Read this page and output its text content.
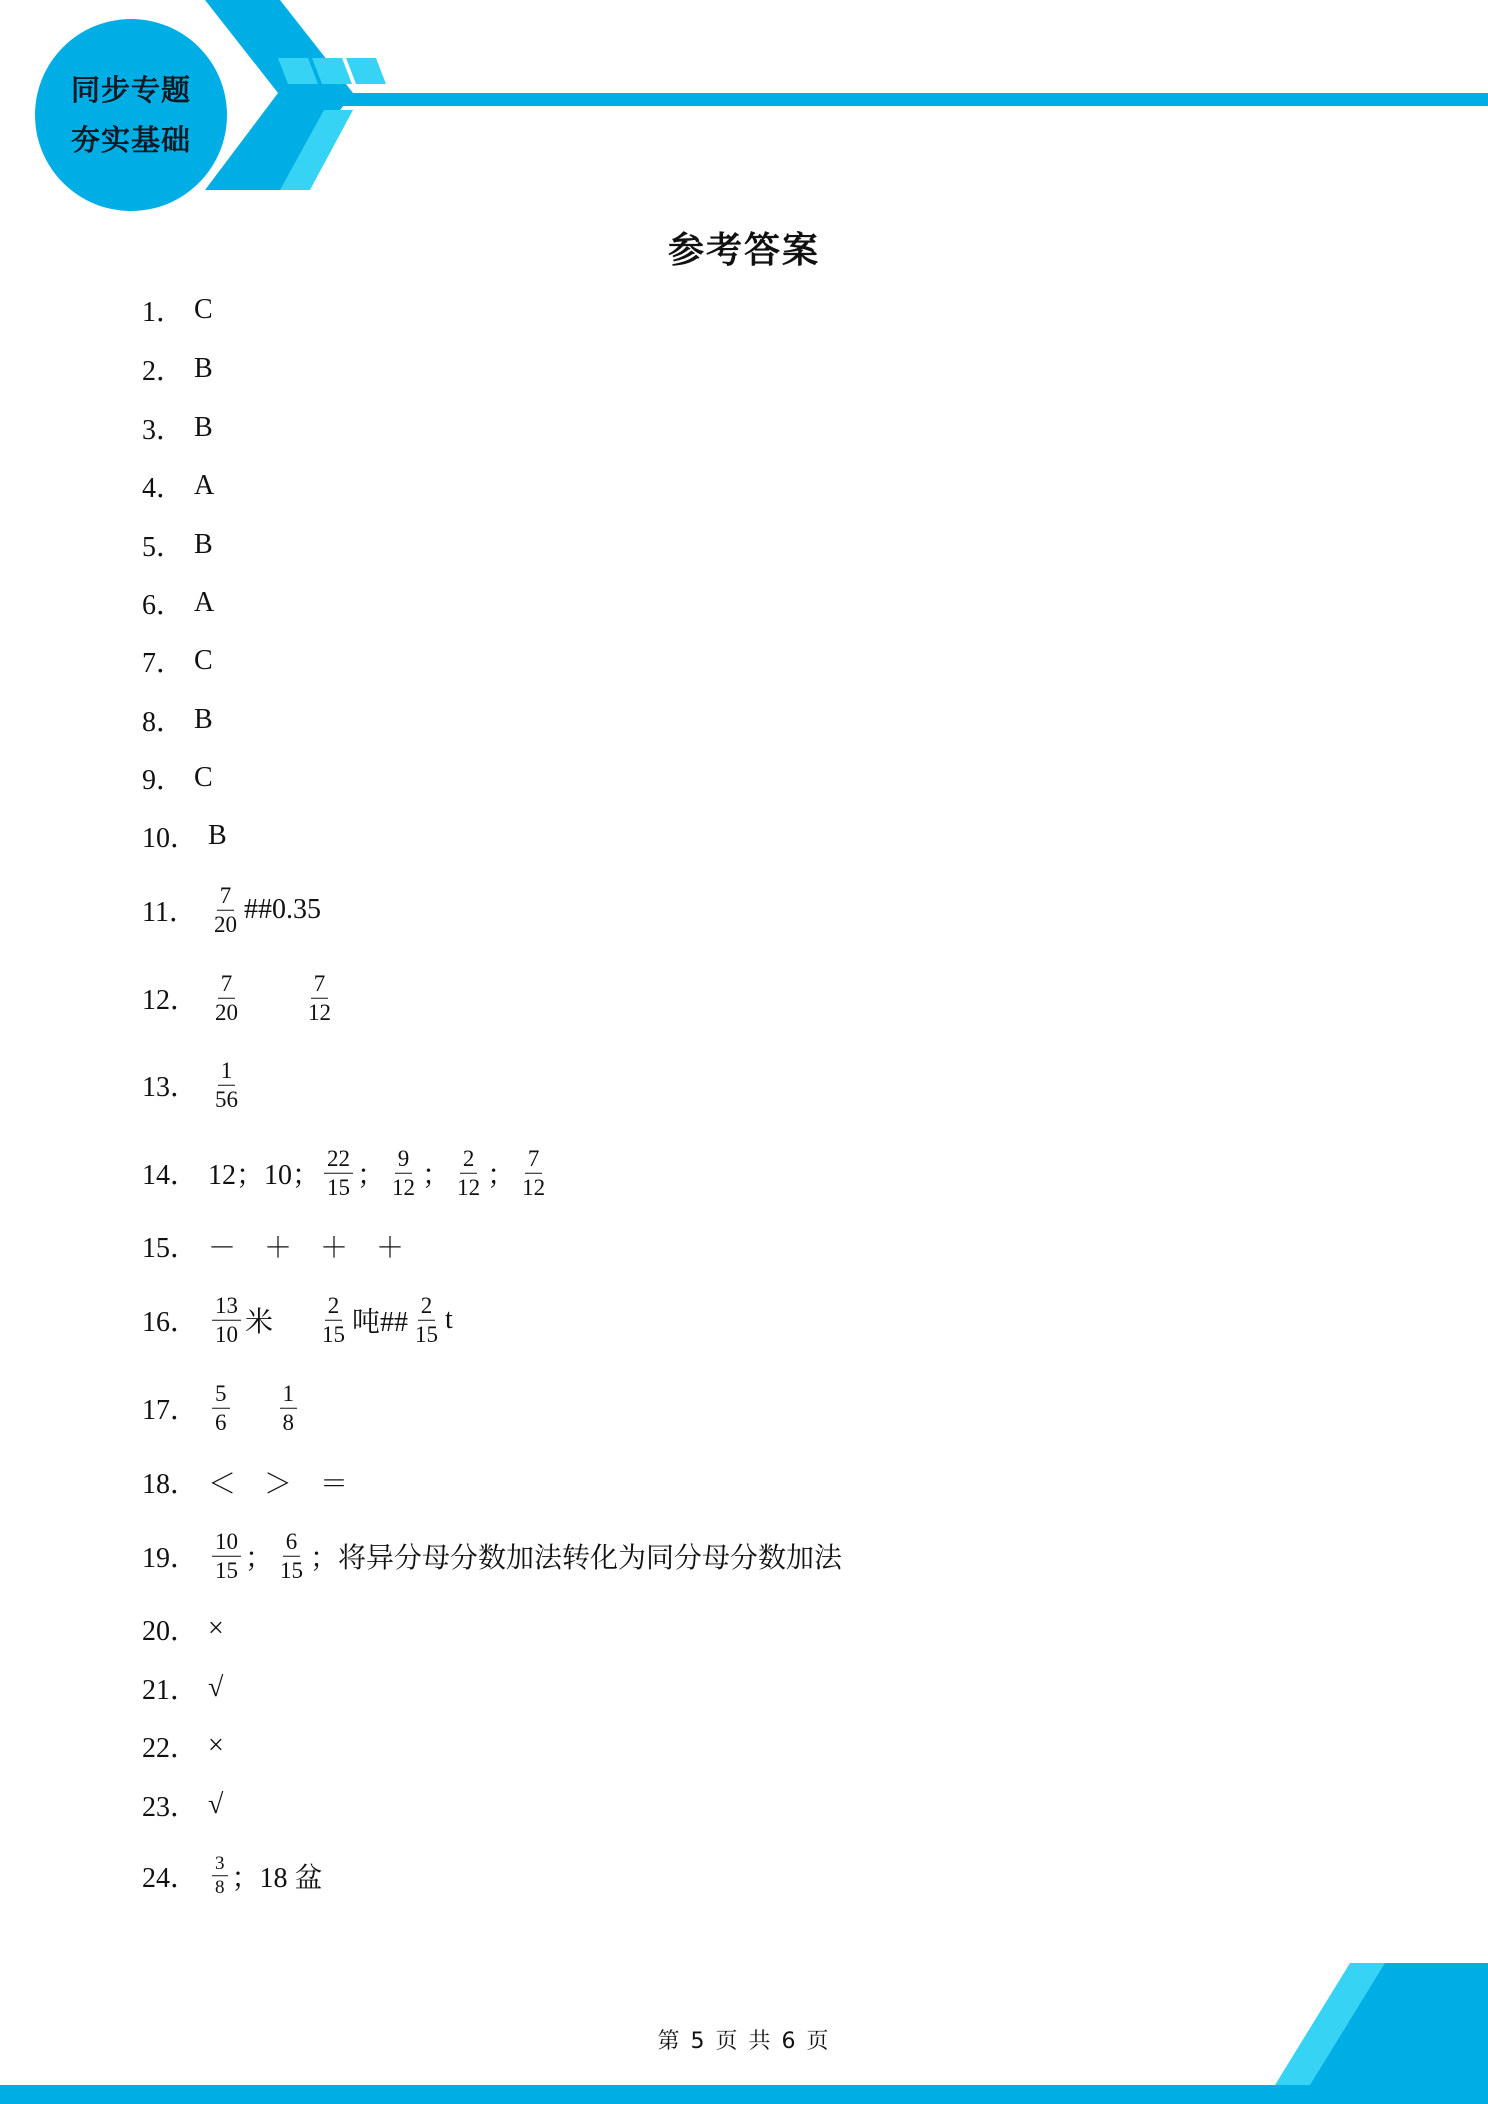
同步专题
夯实基础
参考答案
1． C
2． B
3． B
4． A
5． B
6． A
7． C
8． B
9． C
10． B
11． $\frac{7}{20}$ ##0.35
12． $\frac{7}{20}$
	$\frac{7}{12}$
13． $\frac{1}{56}$
14． 12；10； $\frac{22}{15}$ ； $\frac{9}{12}$ ； $\frac{2}{12}$ ； $\frac{7}{12}$
15． －    ＋    ＋    ＋
16． $\frac{13}{10}$ 米 $\frac{2}{15}$ 吨## $\frac{2}{15}$ t
17． $\frac{5}{6}$
$\frac{1}{8}$
18． ＜    ＞    ＝
19． $\frac{10}{15}$ ； $\frac{6}{15}$ ；将异分母分数加法转化为同分母分数加法
20． ×
21． √
22． ×
23． √
24． $\frac{3}{8}$ ；18 盆
第 5 页 共 6 页
